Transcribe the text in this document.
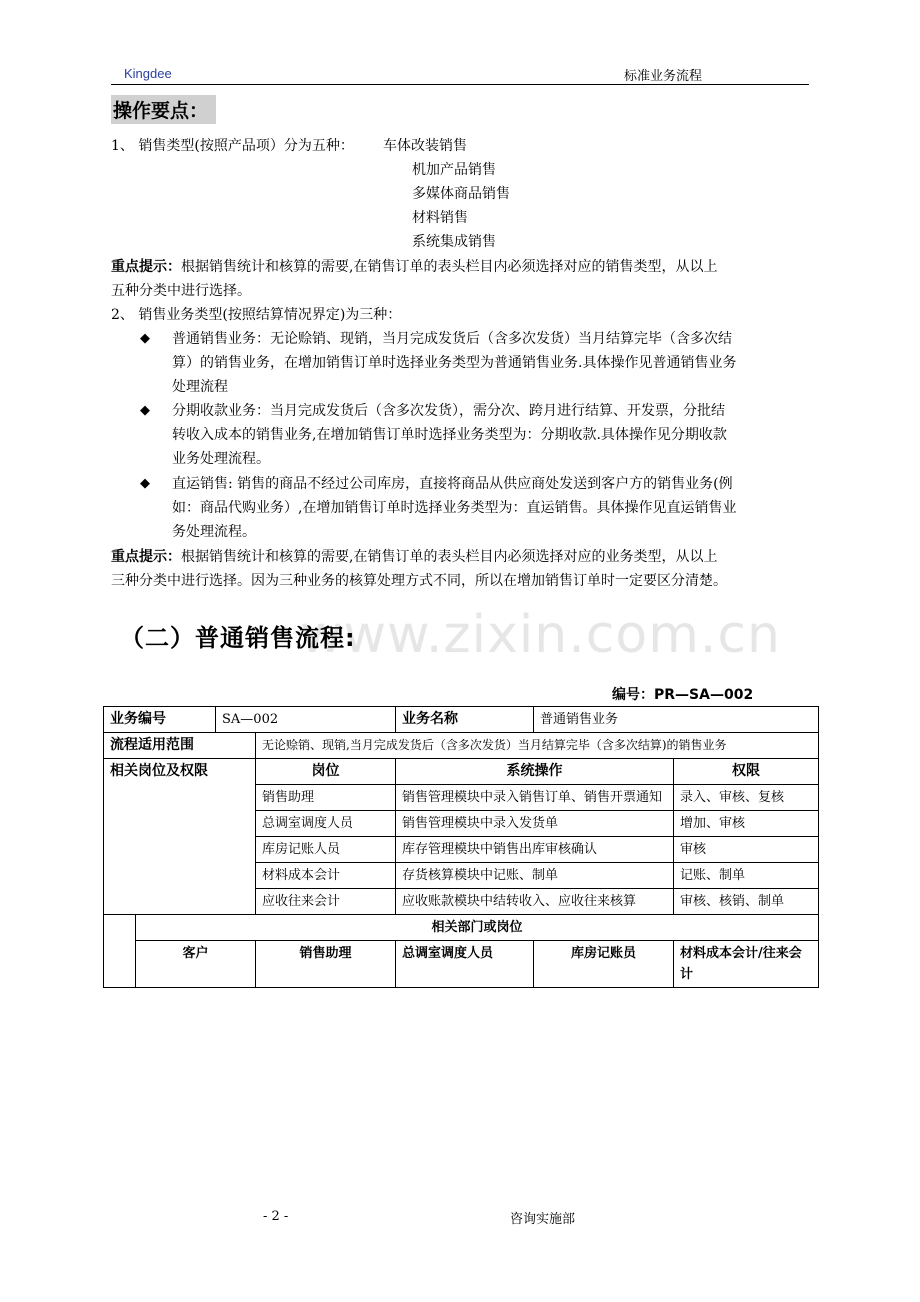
Kingdee	标准业务流程
www.zixin.com.cn
操作要点：
1、 销售类型(按照产品项）分为五种： 车体改装销售
机加产品销售
多媒体商品销售
材料销售
系统集成销售
重点提示：根据销售统计和核算的需要,在销售订单的表头栏目内必须选择对应的销售类型，从以上
五种分类中进行选择。
2、 销售业务类型(按照结算情况界定)为三种：
◆ 普通销售业务：无论赊销、现销，当月完成发货后（含多次发货）当月结算完毕（含多次结
算）的销售业务，在增加销售订单时选择业务类型为普通销售业务.具体操作见普通销售业务
处理流程
◆ 分期收款业务：当月完成发货后（含多次发货），需分次、跨月进行结算、开发票，分批结
转收入成本的销售业务,在增加销售订单时选择业务类型为：分期收款.具体操作见分期收款
业务处理流程。
◆ 直运销售: 销售的商品不经过公司库房，直接将商品从供应商处发送到客户方的销售业务(例
如：商品代购业务）,在增加销售订单时选择业务类型为：直运销售。具体操作见直运销售业
务处理流程。
重点提示：根据销售统计和核算的需要,在销售订单的表头栏目内必须选择对应的业务类型，从以上
三种分类中进行选择。因为三种业务的核算处理方式不同，所以在增加销售订单时一定要区分清楚。
（二）普通销售流程:
编号：PR—SA—002
业务编号		SA—002		业务名称	普通销售业务	
流程适用范围			无论赊销、现销,当月完成发货后（含多次发货）当月结算完毕（含多次结算)的销售业务			
相关岗位及权限			岗位	系统操作		权限
			销售助理	销售管理模块中录入销售订单、销售开票通知		录入、审核、复核
			总调室调度人员	销售管理模块中录入发货单		增加、审核
			库房记账人员	库存管理模块中销售出库审核确认		审核
			材料成本会计	存货核算模块中记账、制单		记账、制单
			应收往来会计	应收账款模块中结转收入、应收往来核算		审核、核销、制单
	相关部门或岗位					
	客户		销售助理	总调室调度人员	库房记账员	材料成本会计/往来会计
- 2 -	咨询实施部
